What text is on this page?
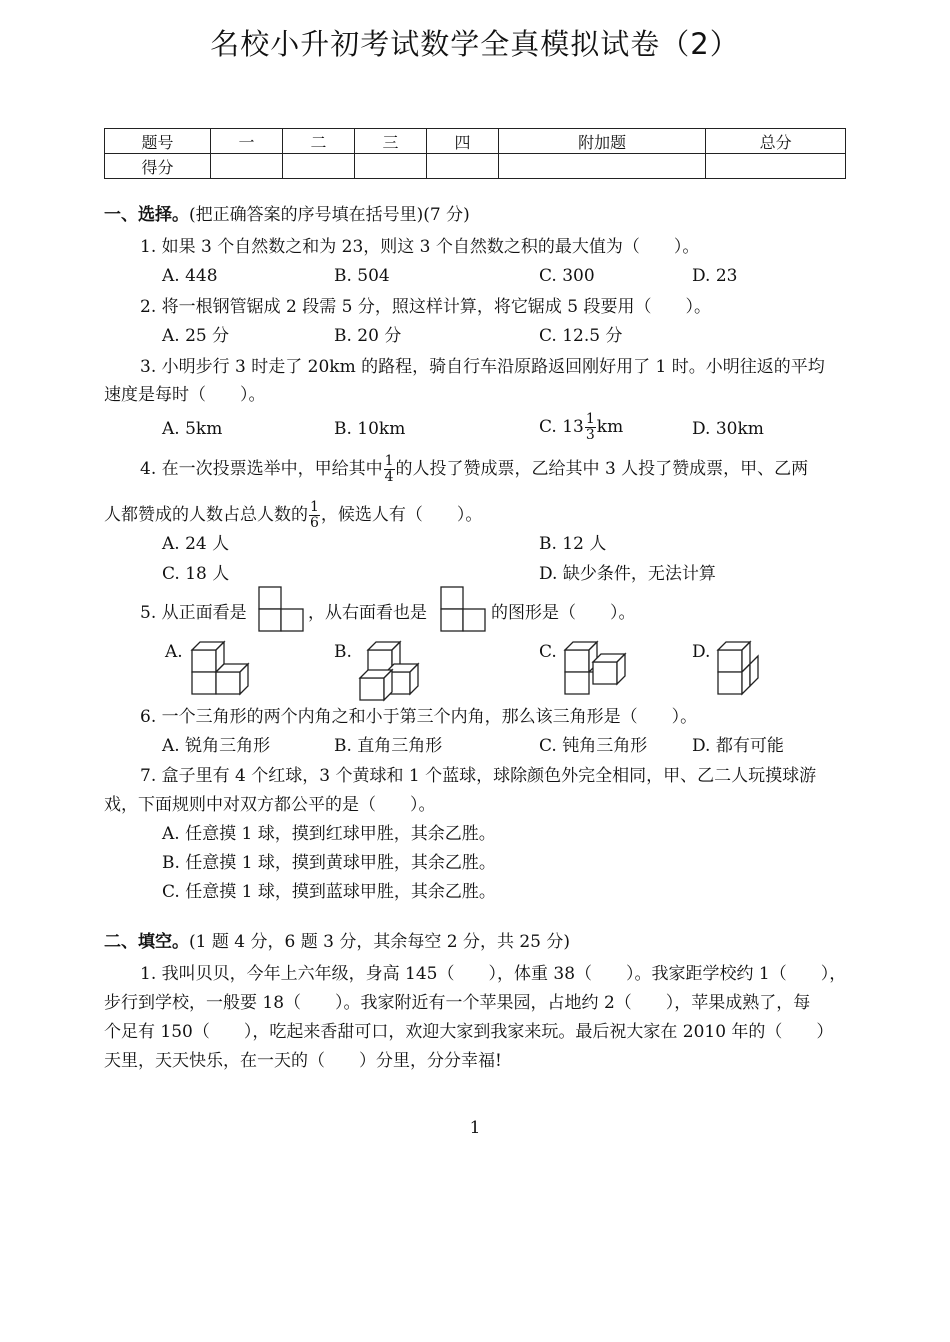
名校小升初考试数学全真模拟试卷（2）
题号	一	二	三	四	附加题	总分
得分						
一、选择。(把正确答案的序号填在括号里)(7 分)
1. 如果 3 个自然数之和为 23，则这 3 个自然数之积的最大值为（　　）。
A. 448	B. 504	C. 300	D. 23
2. 将一根钢管锯成 2 段需 5 分，照这样计算，将它锯成 5 段要用（　　）。
A. 25 分	B. 20 分	C. 12.5 分
3. 小明步行 3 时走了 20km 的路程，骑自行车沿原路返回刚好用了 1 时。小明往返的平均
速度是每时（　　）。
A. 5km	B. 10km	C. $13 \frac{1}{3}$ km	D. 30km
4. 在一次投票选举中，甲给其中 $\frac{1}{4}$ 的人投了赞成票，乙给其中 3 人投了赞成票，甲、乙两
人都赞成的人数占总人数的 $\frac{1}{6}$ ，候选人有（　　）。
A. 24 人	B. 12 人
C. 18 人	D. 缺少条件，无法计算
5. 从正面看是	，从右面看也是	的图形是（　　）。
A.	B.	C.	D.
6. 一个三角形的两个内角之和小于第三个内角，那么该三角形是（　　）。
A. 锐角三角形	B. 直角三角形	C. 钝角三角形	D. 都有可能
7. 盒子里有 4 个红球，3 个黄球和 1 个蓝球，球除颜色外完全相同，甲、乙二人玩摸球游
戏，下面规则中对双方都公平的是（　　）。
A. 任意摸 1 球，摸到红球甲胜，其余乙胜。
B. 任意摸 1 球，摸到黄球甲胜，其余乙胜。
C. 任意摸 1 球，摸到蓝球甲胜，其余乙胜。
二、填空。(1 题 4 分，6 题 3 分，其余每空 2 分，共 25 分)
1. 我叫贝贝，今年上六年级，身高 145（　　），体重 38（　　）。我家距学校约 1（　　），
步行到学校，一般要 18（　　）。我家附近有一个苹果园，占地约 2（　　），苹果成熟了，每
个足有 150（　　），吃起来香甜可口，欢迎大家到我家来玩。最后祝大家在 2010 年的（　　）
天里，天天快乐，在一天的（　　）分里，分分幸福!
1
